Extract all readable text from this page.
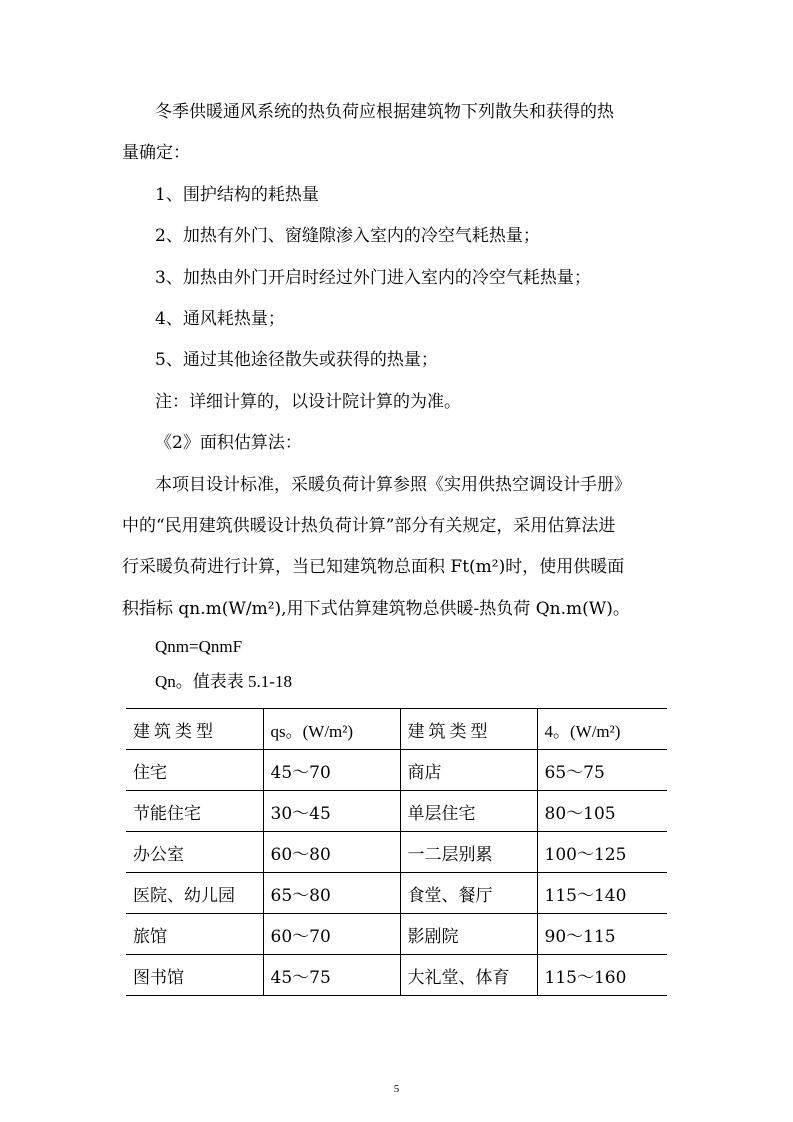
冬季供暖通风系统的热负荷应根据建筑物下列散失和获得的热

量确定：

1、围护结构的耗热量

2、加热有外门、窗缝隙渗入室内的冷空气耗热量；

3、加热由外门开启时经过外门进入室内的冷空气耗热量；

4、通风耗热量；

5、通过其他途径散失或获得的热量；

注：详细计算的，以设计院计算的为准。

《2》面积估算法：

本项目设计标准，采暖负荷计算参照《实用供热空调设计手册》

中的“民用建筑供暖设计热负荷计算”部分有关规定，采用估算法进

行采暖负荷进行计算，当已知建筑物总面积 Ft(m²)时，使用供暖面

积指标 qn.m(W/m²),用下式估算建筑物总供暖-热负荷 Qn.m(W)。

Qnm=QnmF

Qn。值表表 5.1-18

建筑类型	qs。(W/m²)	建筑类型	4。(W/m²)
住宅	45～70	商店	65～75
节能住宅	30～45	单层住宅	80～105
办公室	60～80	一二层别累	100～125
医院、幼儿园	65～80	食堂、餐厅	115～140
旅馆	60～70	影剧院	90～115
图书馆	45～75	大礼堂、体育	115～160
5
